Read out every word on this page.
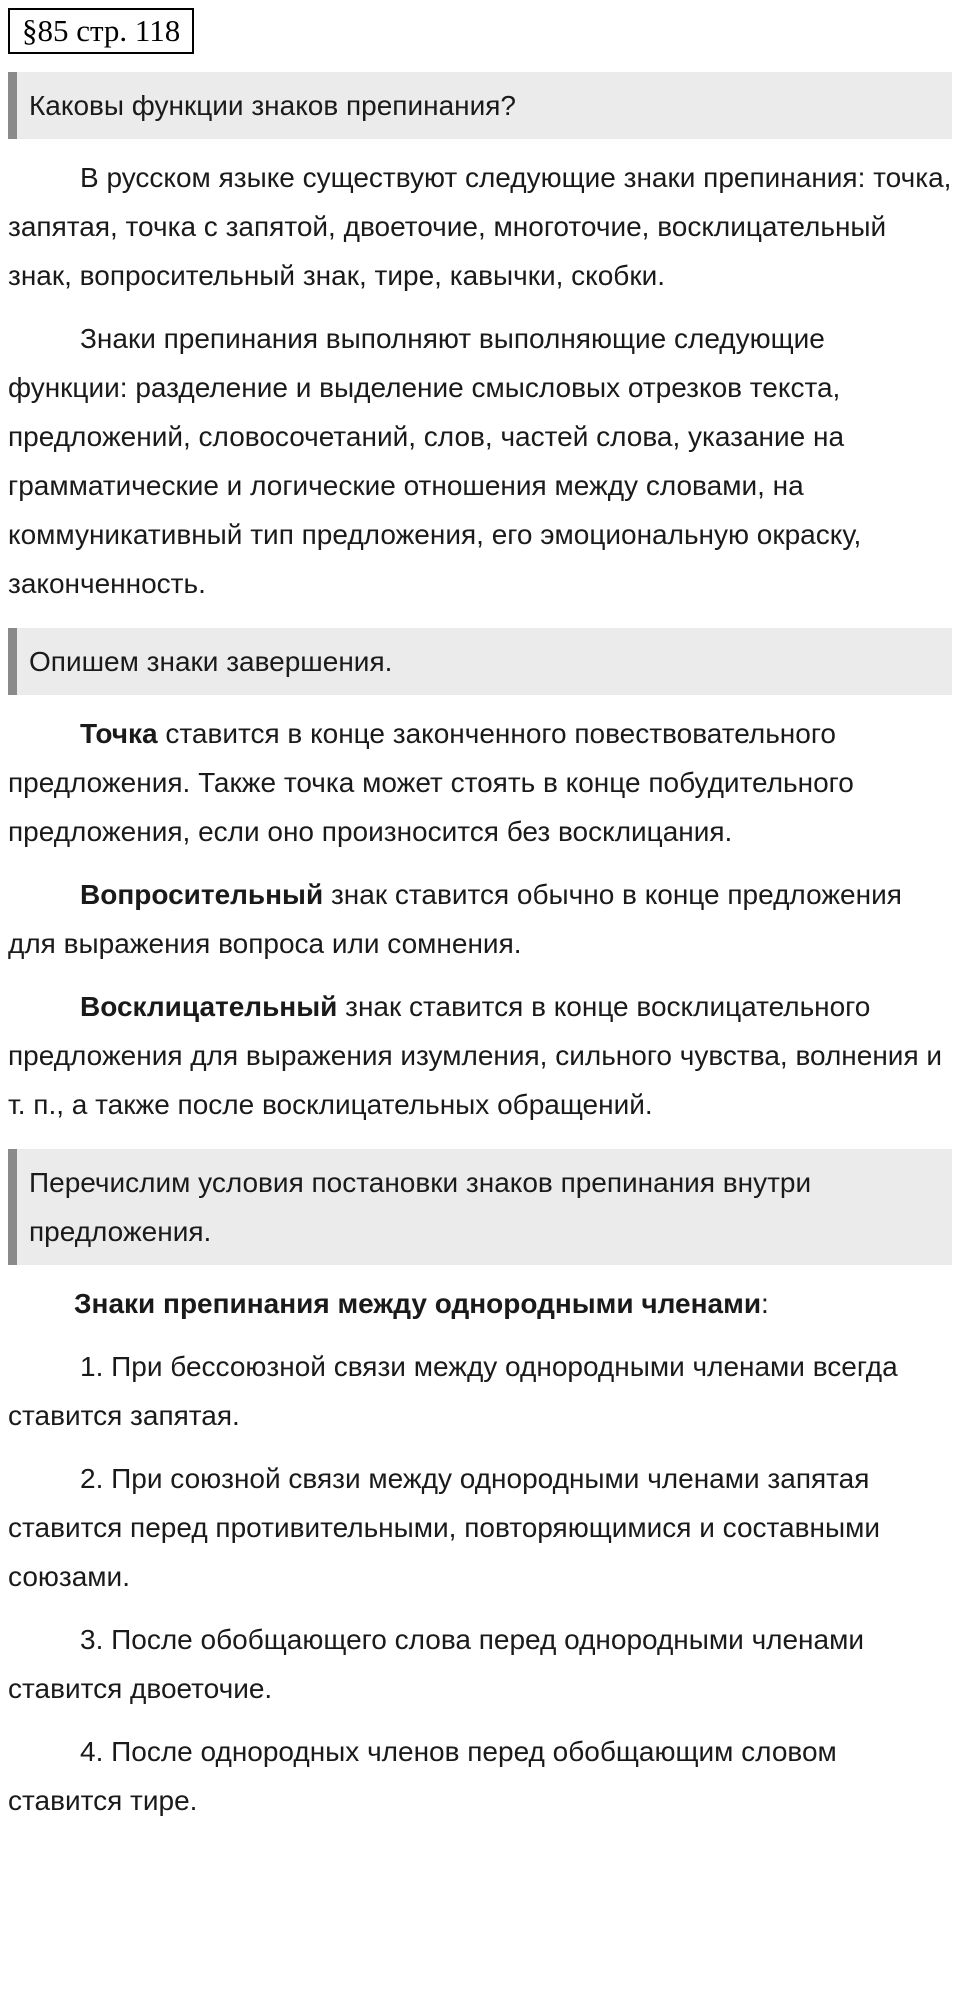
§85 стр. 118
Каковы функции знаков препинания?

В русском языке существуют следующие знаки препинания: точка, запятая, точка с запятой, двоеточие, многоточие, восклицательный знак, вопросительный знак, тире, кавычки, скобки.

Знаки препинания выполняют выполняющие следующие функции: разделение и выделение смысловых отрезков текста, предложений, словосочетаний, слов, частей слова, указание на грамматические и логические отношения между словами, на коммуникативный тип предложения, его эмоциональную окраску, законченность.

Опишем знаки завершения.

Точка ставится в конце законченного повествовательного предложения. Также точка может стоять в конце побудительного предложения, если оно произносится без восклицания.

Вопросительный знак ставится обычно в конце предложения для выражения вопроса или сомнения.

Восклицательный знак ставится в конце восклицательного предложения для выражения изумления, сильного чувства, волнения и т. п., а также после восклицательных обращений.

Перечислим условия постановки знаков препинания внутри предложения.

Знаки препинания между однородными членами:

1. При бессоюзной связи между однородными членами всегда ставится запятая.

2. При союзной связи между однородными членами запятая ставится перед противительными, повторяющимися и составными союзами.

3. После обобщающего слова перед однородными членами ставится двоеточие.

4. После однородных членов перед обобщающим словом ставится тире.
